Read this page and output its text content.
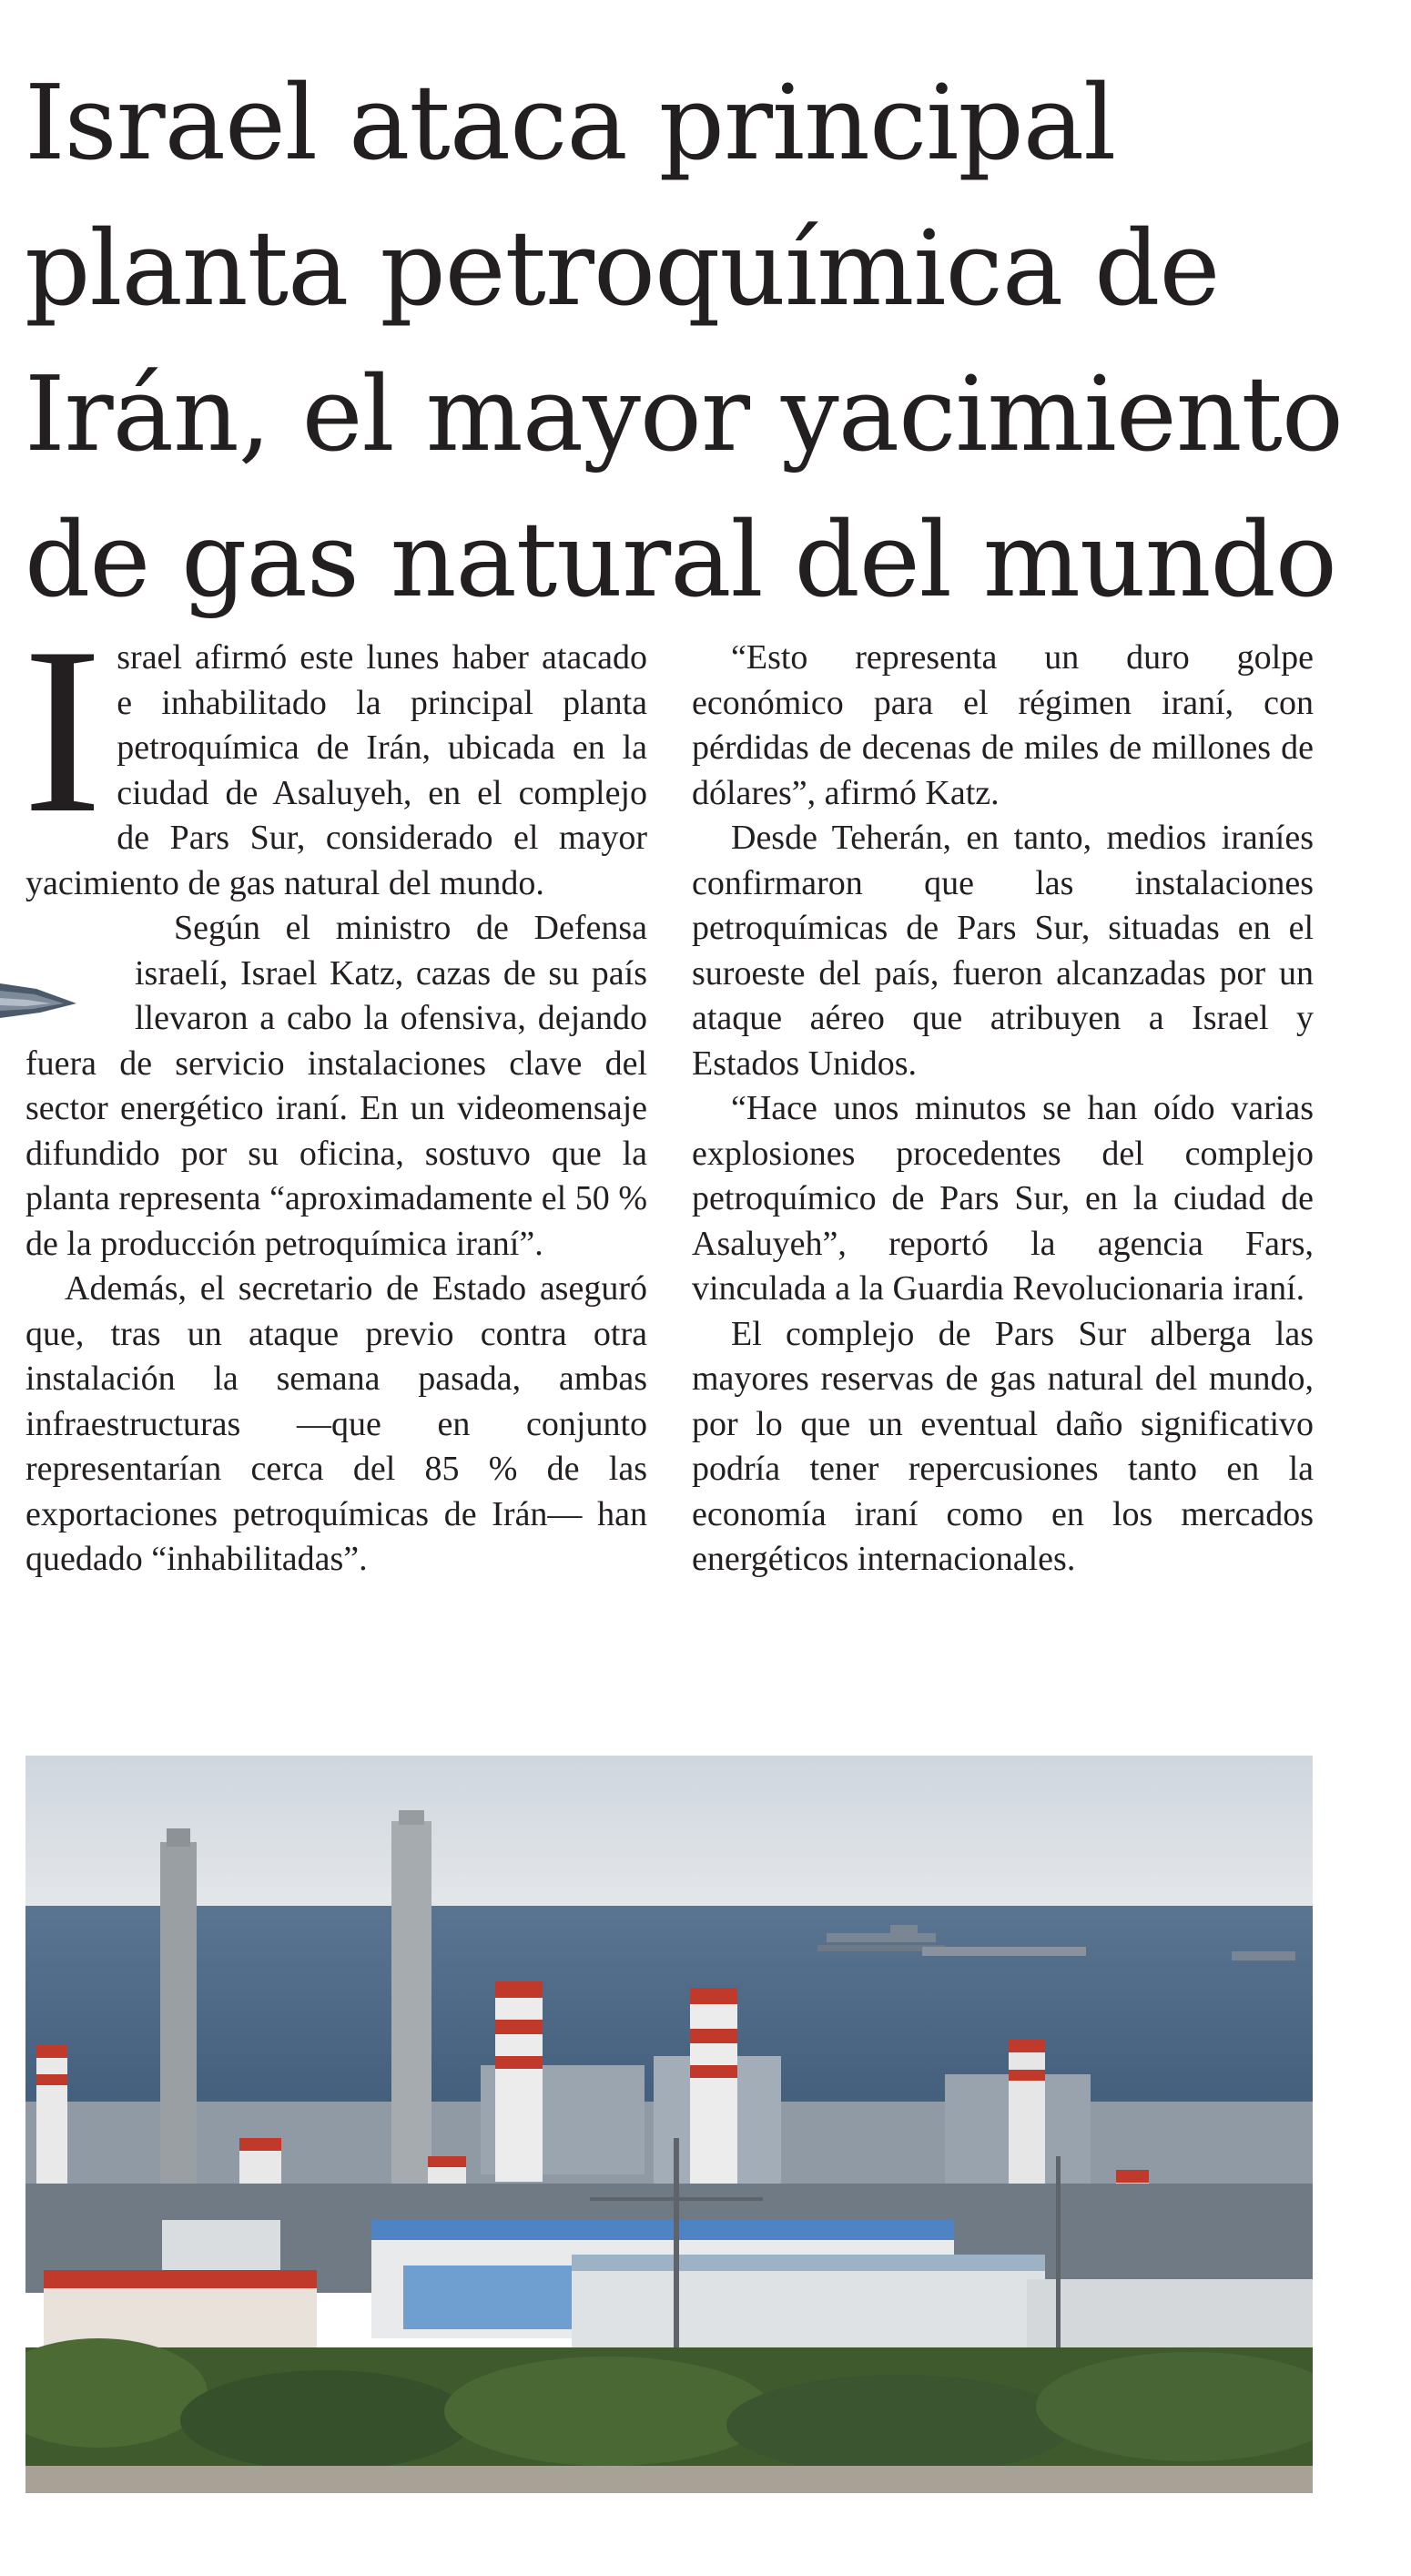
Israel ataca principal planta petroquímica de Irán, el mayor yacimiento de gas natural del mundo
I srael afirmó este lunes haber atacado e inhabilitado la principal planta petroquímica de Irán, ubicada en la ciudad de Asaluyeh, en el complejo de Pars Sur, considerado el mayor yacimiento de gas natural del mundo.

Según el ministro de Defensa israelí, Israel Katz, cazas de su país llevaron a cabo la ofensiva, dejando fuera de servicio instalaciones clave del sector energético iraní. En un videomensaje difundido por su oficina, sostuvo que la planta representa “aproximadamente el 50 % de la producción petroquímica iraní”.

Además, el secretario de Estado aseguró que, tras un ataque previo contra otra instalación la semana pasada, ambas infraestructuras —que en conjunto representarían cerca del 85 % de las exportaciones petroquímicas de Irán— han quedado “inhabilitadas”.

“Esto representa un duro golpe económico para el régimen iraní, con pérdidas de decenas de miles de millones de dólares”, afirmó Katz.

Desde Teherán, en tanto, medios iraníes confirmaron que las instalaciones petroquímicas de Pars Sur, situadas en el suroeste del país, fueron alcanzadas por un ataque aéreo que atribuyen a Israel y Estados Unidos.

“Hace unos minutos se han oído varias explosiones procedentes del complejo petroquímico de Pars Sur, en la ciudad de Asaluyeh”, reportó la agencia Fars, vinculada a la Guardia Revolucionaria iraní.

El complejo de Pars Sur alberga las mayores reservas de gas natural del mundo, por lo que un eventual daño significativo podría tener repercusiones tanto en la economía iraní como en los mercados energéticos internacionales.
